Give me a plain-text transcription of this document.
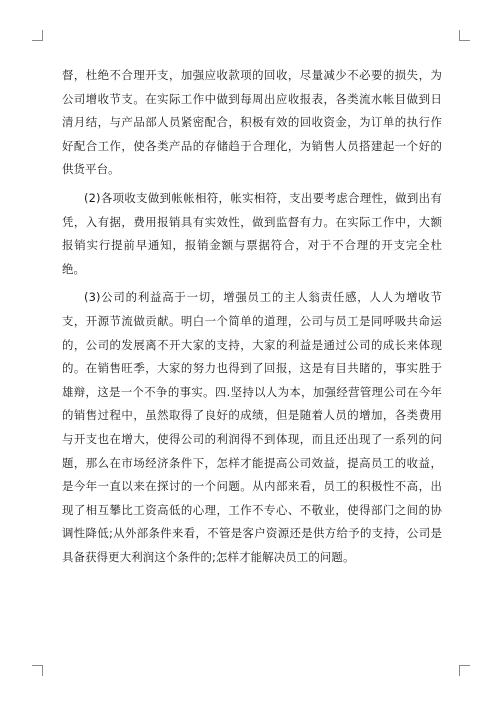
督，杜绝不合理开支，加强应收款项的回收，尽量减少不必要的损失，为公司增收节支。在实际工作中做到每周出应收报表，各类流水帐目做到日清月结，与产品部人员紧密配合，积极有效的回收资金，为订单的执行作好配合工作，使各类产品的存储趋于合理化，为销售人员搭建起一个好的供货平台。

(2)各项收支做到帐帐相符，帐实相符，支出要考虑合理性，做到出有凭，入有据，费用报销具有实效性，做到监督有力。在实际工作中，大额报销实行提前早通知，报销金额与票据符合，对于不合理的开支完全杜绝。

(3)公司的利益高于一切，增强员工的主人翁责任感，人人为增收节支，开源节流做贡献。明白一个简单的道理，公司与员工是同呼吸共命运的，公司的发展离不开大家的支持，大家的利益是通过公司的成长来体现的。在销售旺季，大家的努力也得到了回报，这是有目共睹的，事实胜于雄辩，这是一个不争的事实。四.坚持以人为本，加强经营管理公司在今年的销售过程中，虽然取得了良好的成绩，但是随着人员的增加，各类费用与开支也在增大，使得公司的利润得不到体现，而且还出现了一系列的问题，那么在市场经济条件下，怎样才能提高公司效益，提高员工的收益，是今年一直以来在探讨的一个问题。从内部来看，员工的积极性不高，出现了相互攀比工资高低的心理，工作不专心、不敬业，使得部门之间的协调性降低;从外部条件来看，不管是客户资源还是供方给予的支持，公司是具备获得更大利润这个条件的;怎样才能解决员工的问题。
